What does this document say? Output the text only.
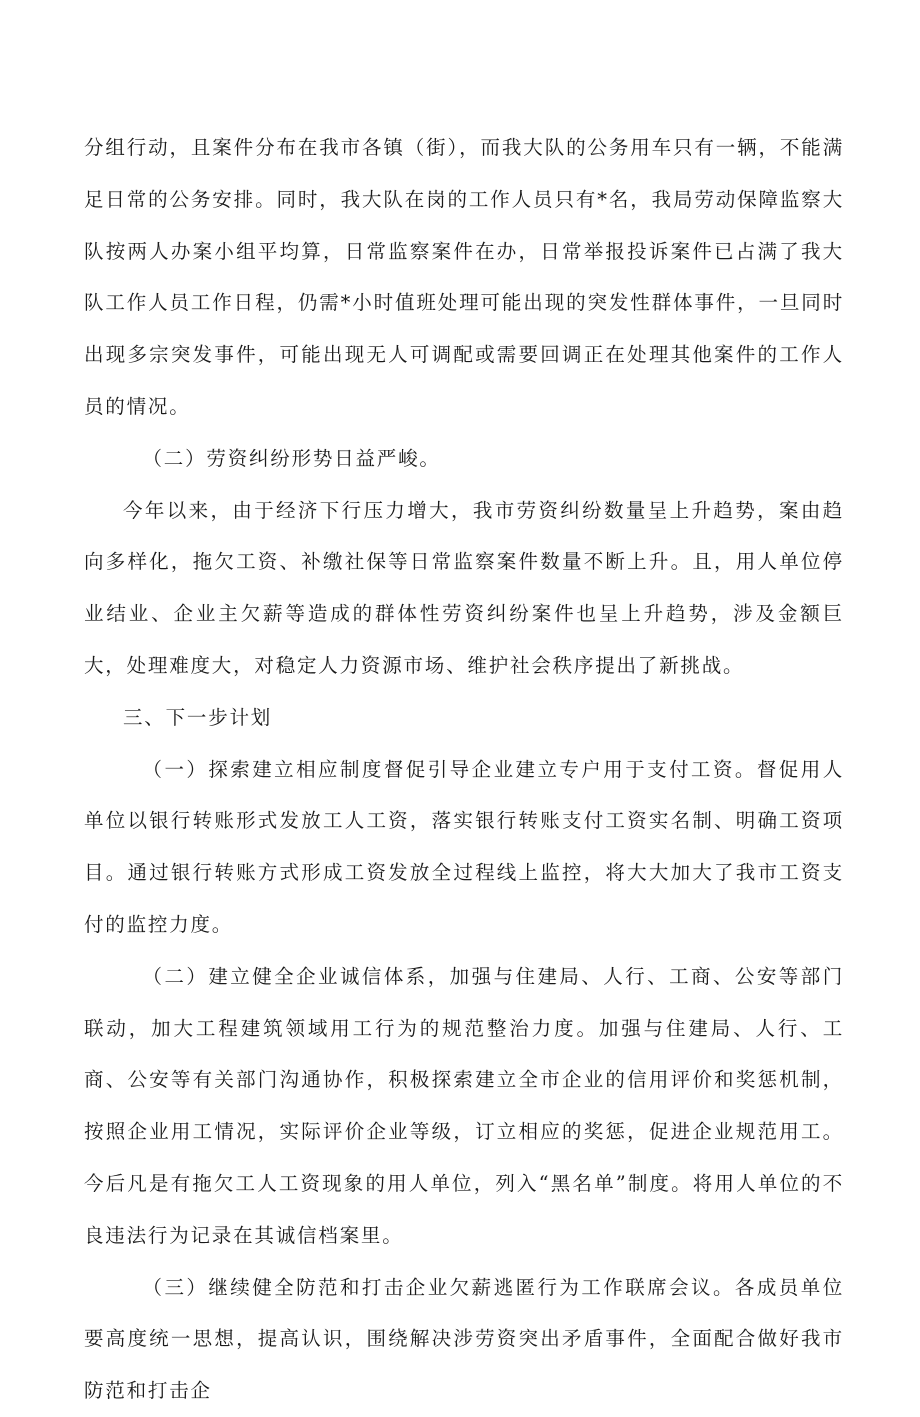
分组行动，且案件分布在我市各镇（街），而我大队的公务用车只有一辆，不能满足日常的公务安排。同时，我大队在岗的工作人员只有*名，我局劳动保障监察大队按两人办案小组平均算，日常监察案件在办，日常举报投诉案件已占满了我大队工作人员工作日程，仍需*小时值班处理可能出现的突发性群体事件，一旦同时出现多宗突发事件，可能出现无人可调配或需要回调正在处理其他案件的工作人员的情况。

（二）劳资纠纷形势日益严峻。

今年以来，由于经济下行压力增大，我市劳资纠纷数量呈上升趋势，案由趋向多样化，拖欠工资、补缴社保等日常监察案件数量不断上升。且，用人单位停业结业、企业主欠薪等造成的群体性劳资纠纷案件也呈上升趋势，涉及金额巨大，处理难度大，对稳定人力资源市场、维护社会秩序提出了新挑战。

三、下一步计划

（一）探索建立相应制度督促引导企业建立专户用于支付工资。督促用人单位以银行转账形式发放工人工资，落实银行转账支付工资实名制、明确工资项目。通过银行转账方式形成工资发放全过程线上监控，将大大加大了我市工资支付的监控力度。

（二）建立健全企业诚信体系，加强与住建局、人行、工商、公安等部门联动，加大工程建筑领域用工行为的规范整治力度。加强与住建局、人行、工商、公安等有关部门沟通协作，积极探索建立全市企业的信用评价和奖惩机制，按照企业用工情况，实际评价企业等级，订立相应的奖惩，促进企业规范用工。今后凡是有拖欠工人工资现象的用人单位，列入“黑名单”制度。将用人单位的不良违法行为记录在其诚信档案里。

（三）继续健全防范和打击企业欠薪逃匿行为工作联席会议。各成员单位要高度统一思想，提高认识，围绕解决涉劳资突出矛盾事件，全面配合做好我市防范和打击企
